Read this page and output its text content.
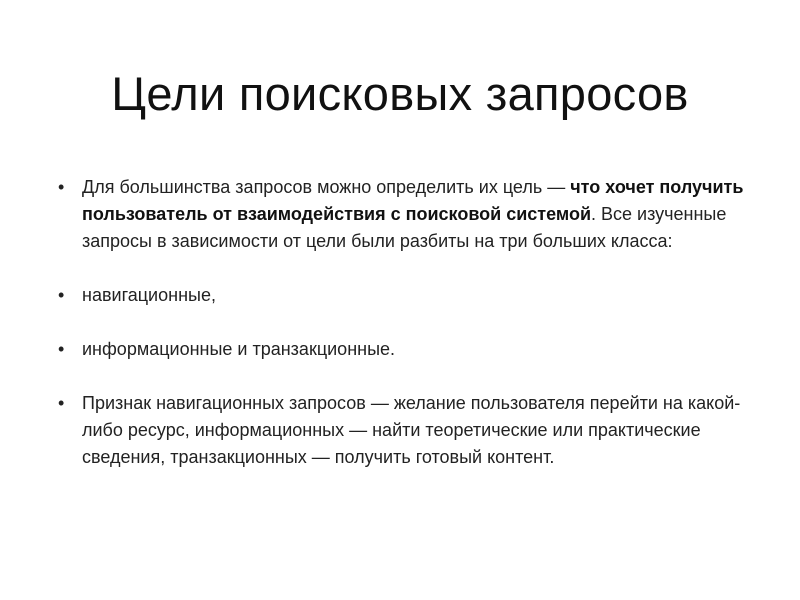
Цели поисковых запросов
• Для большинства запросов можно определить их цель — что хочет получить пользователь от взаимодействия с поисковой системой. Все изученные запросы в зависимости от цели были разбиты на три больших класса:
• навигационные,
• информационные и транзакционные.
• Признак навигационных запросов — желание пользователя перейти на какой-либо ресурс, информационных — найти теоретические или практические сведения, транзакционных — получить готовый контент.
